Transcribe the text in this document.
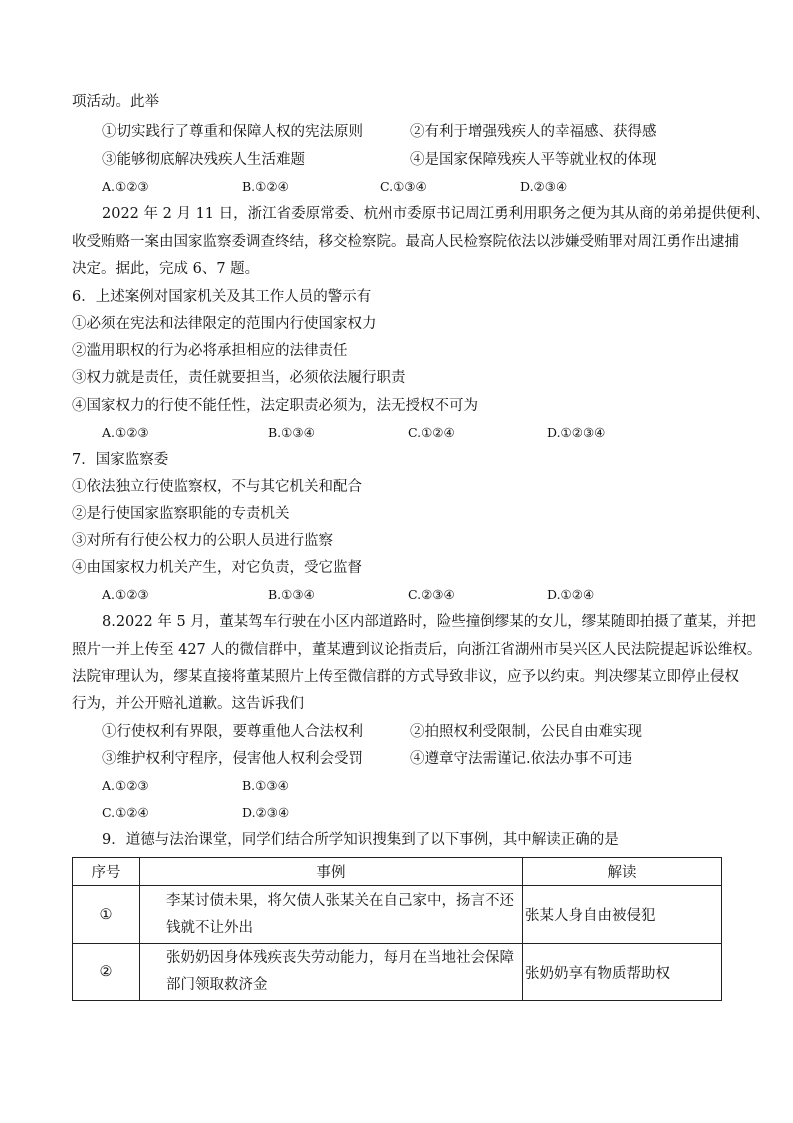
项活动。此举
①切实践行了尊重和保障人权的宪法原则	②有利于增强残疾人的幸福感、获得感
③能够彻底解决残疾人生活难题	④是国家保障残疾人平等就业权的体现
A.①②③	B.①②④	C.①③④	D.②③④
2022 年 2 月 11 日，浙江省委原常委、杭州市委原书记周江勇利用职务之便为其从商的弟弟提供便利、
收受贿赂一案由国家监察委调查终结，移交检察院。最高人民检察院依法以涉嫌受贿罪对周江勇作出逮捕
决定。据此，完成 6、7 题。
6．上述案例对国家机关及其工作人员的警示有
①必须在宪法和法律限定的范围内行使国家权力
②滥用职权的行为必将承担相应的法律责任
③权力就是责任，责任就要担当，必须依法履行职责
④国家权力的行使不能任性，法定职责必须为，法无授权不可为
A.①②③	B.①③④	C.①②④	D.①②③④
7．国家监察委
①依法独立行使监察权，不与其它机关和配合
②是行使国家监察职能的专责机关
③对所有行使公权力的公职人员进行监察
④由国家权力机关产生，对它负责，受它监督
A.①②③	B.①③④	C.②③④	D.①②④
8.2022 年 5 月，董某驾车行驶在小区内部道路时，险些撞倒缪某的女儿，缪某随即拍摄了董某，并把
照片一并上传至 427 人的微信群中，董某遭到议论指责后，向浙江省湖州市吴兴区人民法院提起诉讼维权。
法院审理认为，缪某直接将董某照片上传至微信群的方式导致非议，应予以约束。判决缪某立即停止侵权
行为，并公开赔礼道歉。这告诉我们
①行使权利有界限，要尊重他人合法权利	②拍照权利受限制，公民自由难实现
③维护权利守程序，侵害他人权利会受罚	④遵章守法需谨记.依法办事不可违
A.①②③	B.①③④
C.①②④	D.②③④
9．道德与法治课堂，同学们结合所学知识搜集到了以下事例，其中解读正确的是
序号	事例	解读
①	李某讨债未果，将欠债人张某关在自己家中，扬言不还钱就不让外出	张某人身自由被侵犯

②	张奶奶因身体残疾丧失劳动能力，每月在当地社会保障部门领取救济金	张奶奶享有物质帮助权
